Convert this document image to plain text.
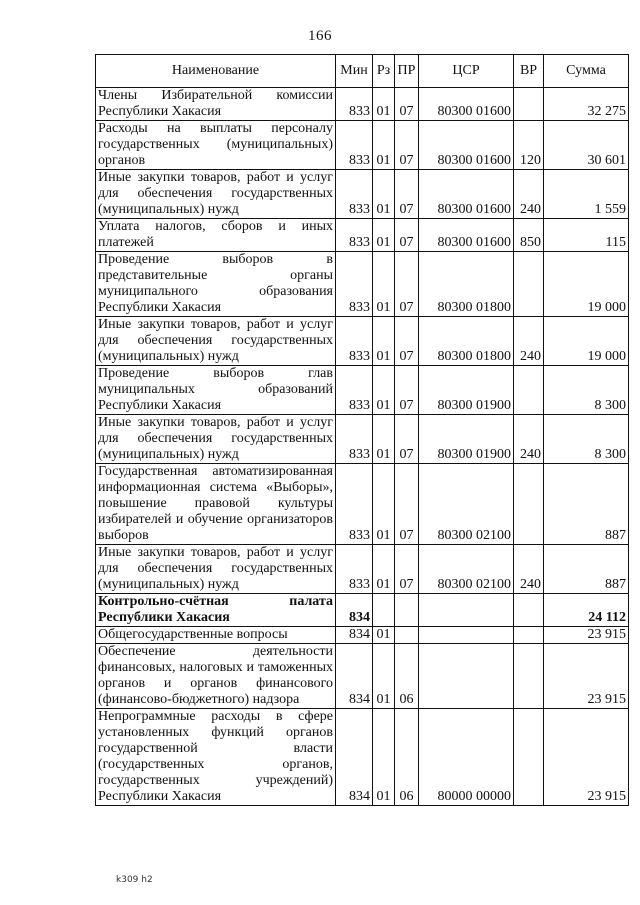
166
Наименование	Мин	Рз	ПР	ЦСР	ВР	Сумма
Члены Избирательной комиссии Республики Хакасия	833	01	07	80300 01600		32 275
Расходы на выплаты персоналу государственных (муниципальных) органов	833	01	07	80300 01600	120	30 601
Иные закупки товаров, работ и услуг для обеспечения государственных (муниципальных) нужд	833	01	07	80300 01600	240	1 559
Уплата налогов, сборов и иных платежей	833	01	07	80300 01600	850	115
Проведение выборов в представительные органы муниципального образования Республики Хакасия	833	01	07	80300 01800		19 000
Иные закупки товаров, работ и услуг для обеспечения государственных (муниципальных) нужд	833	01	07	80300 01800	240	19 000
Проведение выборов глав муниципальных образований Республики Хакасия	833	01	07	80300 01900		8 300
Иные закупки товаров, работ и услуг для обеспечения государственных (муниципальных) нужд	833	01	07	80300 01900	240	8 300
Государственная автоматизированная информационная система «Выборы», повышение правовой культуры избирателей и обучение организаторов выборов	833	01	07	80300 02100		887
Иные закупки товаров, работ и услуг для обеспечения государственных (муниципальных) нужд	833	01	07	80300 02100	240	887
Контрольно-счётная палата Республики Хакасия	834					24 112
Общегосударственные вопросы	834	01				23 915
Обеспечение деятельности финансовых, налоговых и таможенных органов и органов финансового (финансово-бюджетного) надзора	834	01	06			23 915
Непрограммные расходы в сфере установленных функций органов государственной власти (государственных органов, государственных учреждений) Республики Хакасия	834	01	06	80000 00000		23 915
k309 h2
